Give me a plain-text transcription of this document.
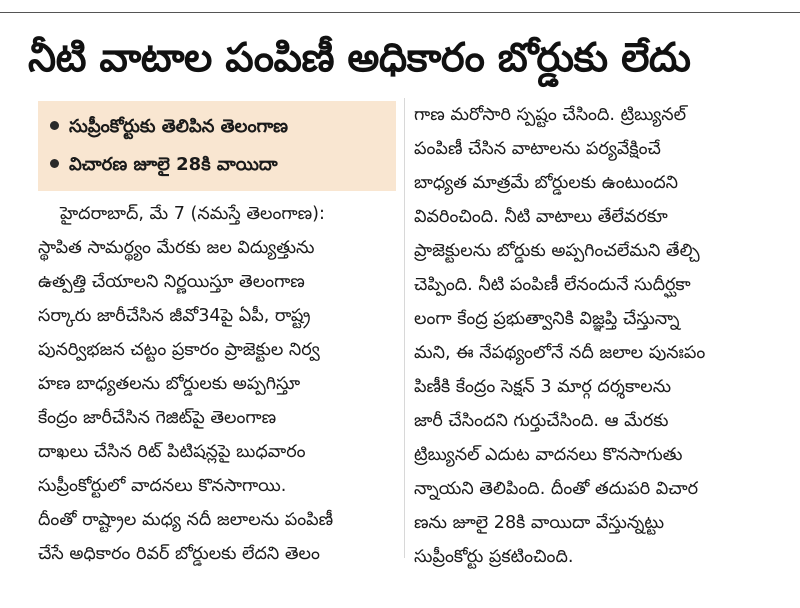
నీటి వాటాల పంపిణీ అధికారం బోర్డుకు లేదు
సుప్రీంకోర్టుకు తెలిపిన తెలంగాణ
విచారణ జూలై 28కి వాయిదా
హైదరాబాద్, మే 7 (నమస్తే తెలంగాణ):
స్థాపిత సామర్థ్యం మేరకు జల విద్యుత్తును
ఉత్పత్తి చేయాలని నిర్ణయిస్తూ తెలంగాణ
సర్కారు జారీచేసిన జీవో34పై ఏపీ, రాష్ట్ర
పునర్విభజన చట్టం ప్రకారం ప్రాజెక్టుల నిర్వ
హణ బాధ్యతలను బోర్డులకు అప్పగిస్తూ
కేంద్రం జారీచేసిన గెజిట్‌పై తెలంగాణ
దాఖలు చేసిన రిట్ పిటిషన్లపై బుధవారం
సుప్రీంకోర్టులో వాదనలు కొనసాగాయి.
దీంతో రాష్ట్రాల మధ్య నదీ జలాలను పంపిణీ
చేసే అధికారం రివర్ బోర్డులకు లేదని తెలం
గాణ మరోసారి స్పష్టం చేసింది. ట్రిబ్యునల్
పంపిణీ చేసిన వాటాలను పర్యవేక్షించే
బాధ్యత మాత్రమే బోర్డులకు ఉంటుందని
వివరించింది. నీటి వాటాలు తేలేవరకూ
ప్రాజెక్టులను బోర్డుకు అప్పగించలేమని తేల్చి
చెప్పింది. నీటి పంపిణీ లేనందునే సుదీర్ఘకా
లంగా కేంద్ర ప్రభుత్వానికి విజ్ఞప్తి చేస్తున్నా
మని, ఈ నేపథ్యంలోనే నదీ జలాల పునఃపం
పిణీకి కేంద్రం సెక్షన్ 3 మార్గ దర్శకాలను
జారీ చేసిందని గుర్తుచేసింది. ఆ మేరకు
ట్రిబ్యునల్ ఎదుట వాదనలు కొనసాగుతు
న్నాయని తెలిపింది. దీంతో తదుపరి విచార
ణను జూలై 28కి వాయిదా వేస్తున్నట్టు
సుప్రీంకోర్టు ప్రకటించింది.
